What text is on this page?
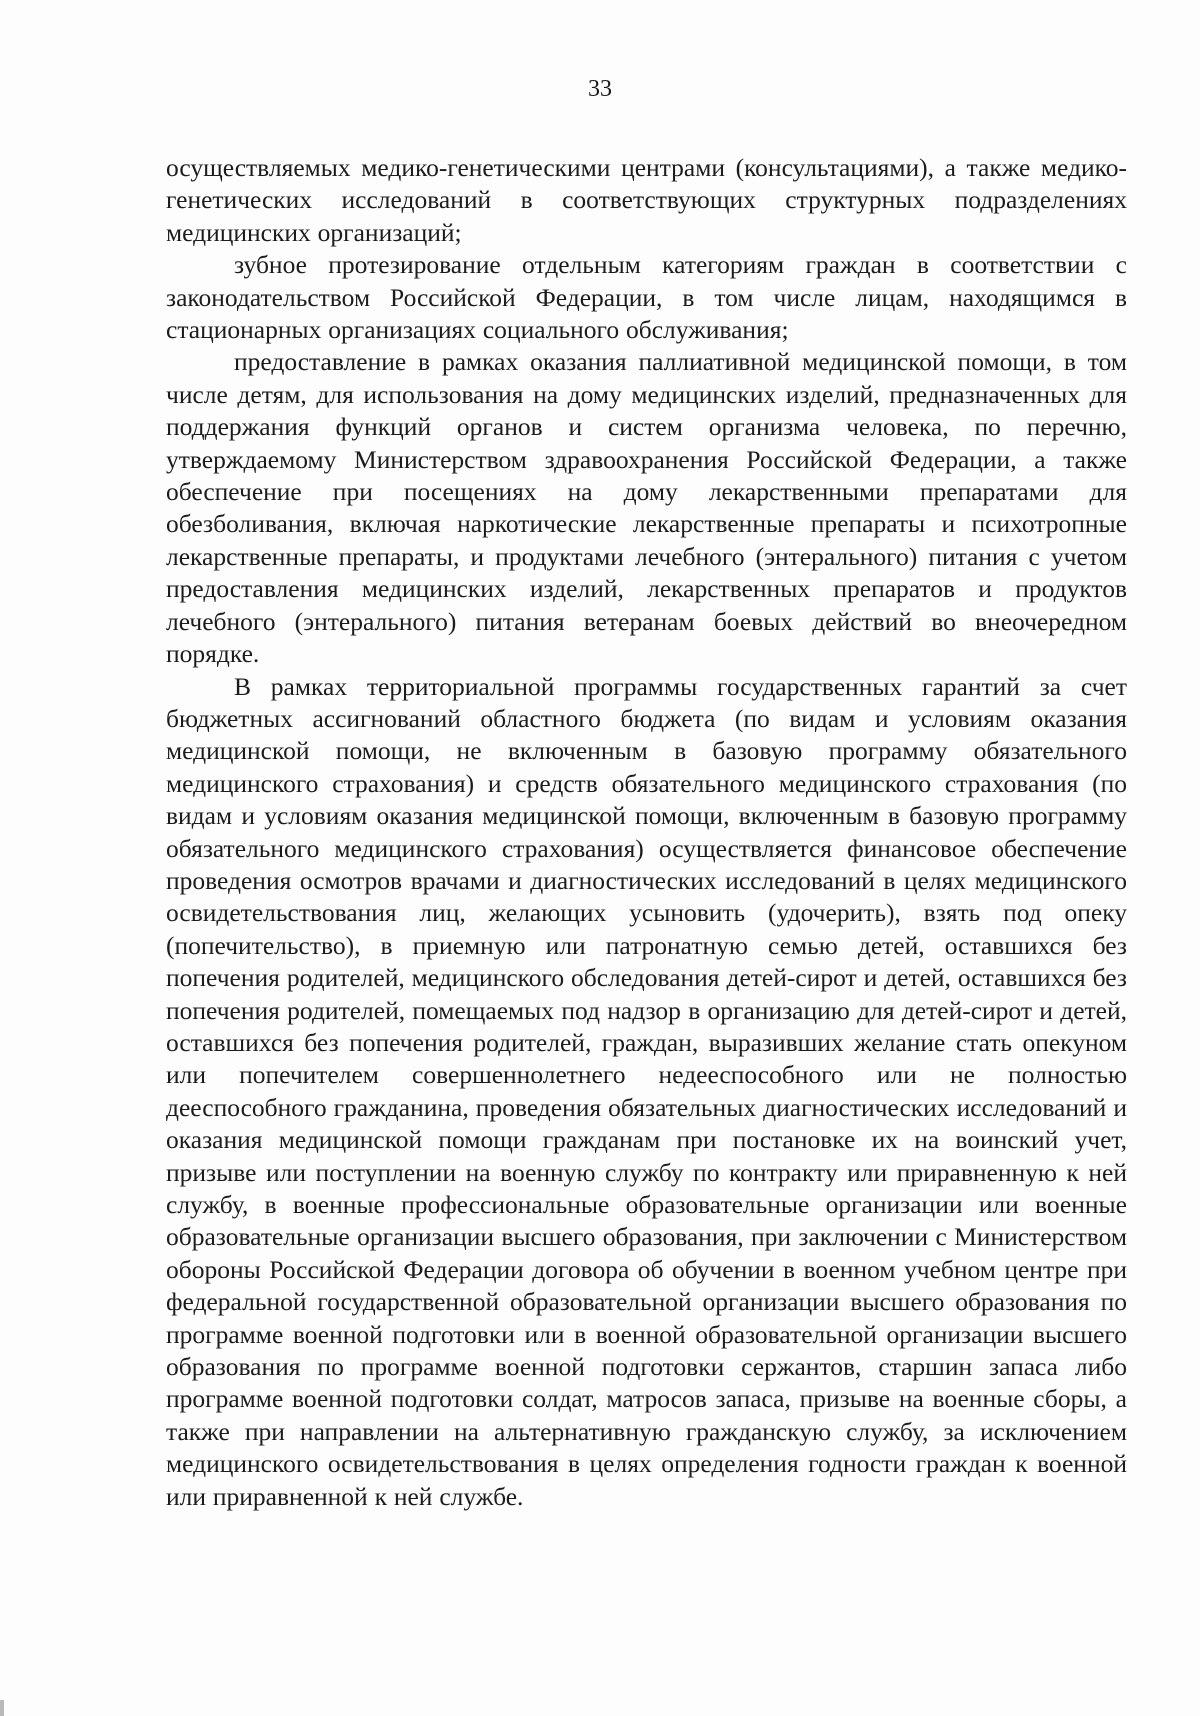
33

осуществляемых медико-генетическими центрами (консультациями), а также медико-генетических исследований в соответствующих структурных подразделениях медицинских организаций;

зубное протезирование отдельным категориям граждан в соответствии с законодательством Российской Федерации, в том числе лицам, находящимся в стационарных организациях социального обслуживания;

предоставление в рамках оказания паллиативной медицинской помощи, в том числе детям, для использования на дому медицинских изделий, предназначенных для поддержания функций органов и систем организма человека, по перечню, утверждаемому Министерством здравоохранения Российской Федерации, а также обеспечение при посещениях на дому лекарственными препаратами для обезболивания, включая наркотические лекарственные препараты и психотропные лекарственные препараты, и продуктами лечебного (энтерального) питания с учетом предоставления медицинских изделий, лекарственных препаратов и продуктов лечебного (энтерального) питания ветеранам боевых действий во внеочередном порядке.

В рамках территориальной программы государственных гарантий за счет бюджетных ассигнований областного бюджета (по видам и условиям оказания медицинской помощи, не включенным в базовую программу обязательного медицинского страхования) и средств обязательного медицинского страхования (по видам и условиям оказания медицинской помощи, включенным в базовую программу обязательного медицинского страхования) осуществляется финансовое обеспечение проведения осмотров врачами и диагностических исследований в целях медицинского освидетельствования лиц, желающих усыновить (удочерить), взять под опеку (попечительство), в приемную или патронатную семью детей, оставшихся без попечения родителей, медицинского обследования детей-сирот и детей, оставшихся без попечения родителей, помещаемых под надзор в организацию для детей-сирот и детей, оставшихся без попечения родителей, граждан, выразивших желание стать опекуном или попечителем совершеннолетнего недееспособного или не полностью дееспособного гражданина, проведения обязательных диагностических исследований и оказания медицинской помощи гражданам при постановке их на воинский учет, призыве или поступлении на военную службу по контракту или приравненную к ней службу, в военные профессиональные образовательные организации или военные образовательные организации высшего образования, при заключении с Министерством обороны Российской Федерации договора об обучении в военном учебном центре при федеральной государственной образовательной организации высшего образования по программе военной подготовки или в военной образовательной организации высшего образования по программе военной подготовки сержантов, старшин запаса либо программе военной подготовки солдат, матросов запаса, призыве на военные сборы, а также при направлении на альтернативную гражданскую службу, за исключением медицинского освидетельствования в целях определения годности граждан к военной или приравненной к ней службе.
